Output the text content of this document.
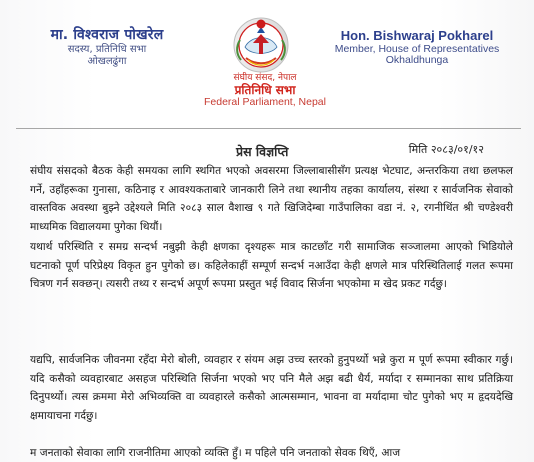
मा. विश्वराज पोखरेल
सदस्य, प्रतिनिधि सभा
ओखलढुंगा
संघीय संसद, नेपाल
प्रतिनिधि सभा
Federal Parliament, Nepal
Hon. Bishwaraj Pokharel
Member, House of Representatives
Okhaldhunga
प्रेस विज्ञप्ति	मिति २०८३/०१/१२
संघीय संसदको बैठक केही समयका लागि स्थगित भएको अवसरमा जिल्लाबासीसँग प्रत्यक्ष भेटघाट, अन्तरकिया तथा छलफल गर्ने, उहाँहरूका गुनासा, कठिनाइ र आवश्यकताबारे जानकारी लिने तथा स्थानीय तहका कार्यालय, संस्था र सार्वजनिक सेवाको वास्तविक अवस्था बुझ्ने उद्देश्यले मिति २०८३ साल वैशाख ९ गते खिजिदेम्बा गाउँपालिका वडा नं. २, रगनीथिंत श्री चण्डेश्वरी माध्यमिक विद्यालयमा पुगेका थियौं।
यथार्थ परिस्थिति र समग्र सन्दर्भ नबुझी केही क्षणका दृश्यहरू मात्र काटछाँट गरी सामाजिक सञ्जालमा आएको भिडियोले घटनाको पूर्ण परिप्रेक्ष्य विकृत हुन पुगेको छ। कहिलेकाहीं सम्पूर्ण सन्दर्भ नआउँदा केही क्षणले मात्र परिस्थितिलाई गलत रूपमा चित्रण गर्न सक्छन्। त्यसरी तथ्य र सन्दर्भ अपूर्ण रूपमा प्रस्तुत भई विवाद सिर्जना भएकोमा म खेद प्रकट गर्दछु।
यद्यपि, सार्वजनिक जीवनमा रहँदा मेरो बोली, व्यवहार र संयम अझ उच्च स्तरको हुनुपर्थ्यो भन्ने कुरा म पूर्ण रूपमा स्वीकार गर्छु। यदि कसैको व्यवहारबाट असहज परिस्थिति सिर्जना भएको भए पनि मैले अझ बढी धैर्य, मर्यादा र सम्मानका साथ प्रतिक्रिया दिनुपर्थ्यो। त्यस क्रममा मेरो अभिव्यक्ति वा व्यवहारले कसैको आत्मसम्मान, भावना वा मर्यादामा चोट पुगेको भए म हृदयदेखि क्षमायाचना गर्दछु।
म जनताको सेवाका लागि राजनीतिमा आएको व्यक्ति हुँ। म पहिले पनि जनताको सेवक थिएँ, आज
